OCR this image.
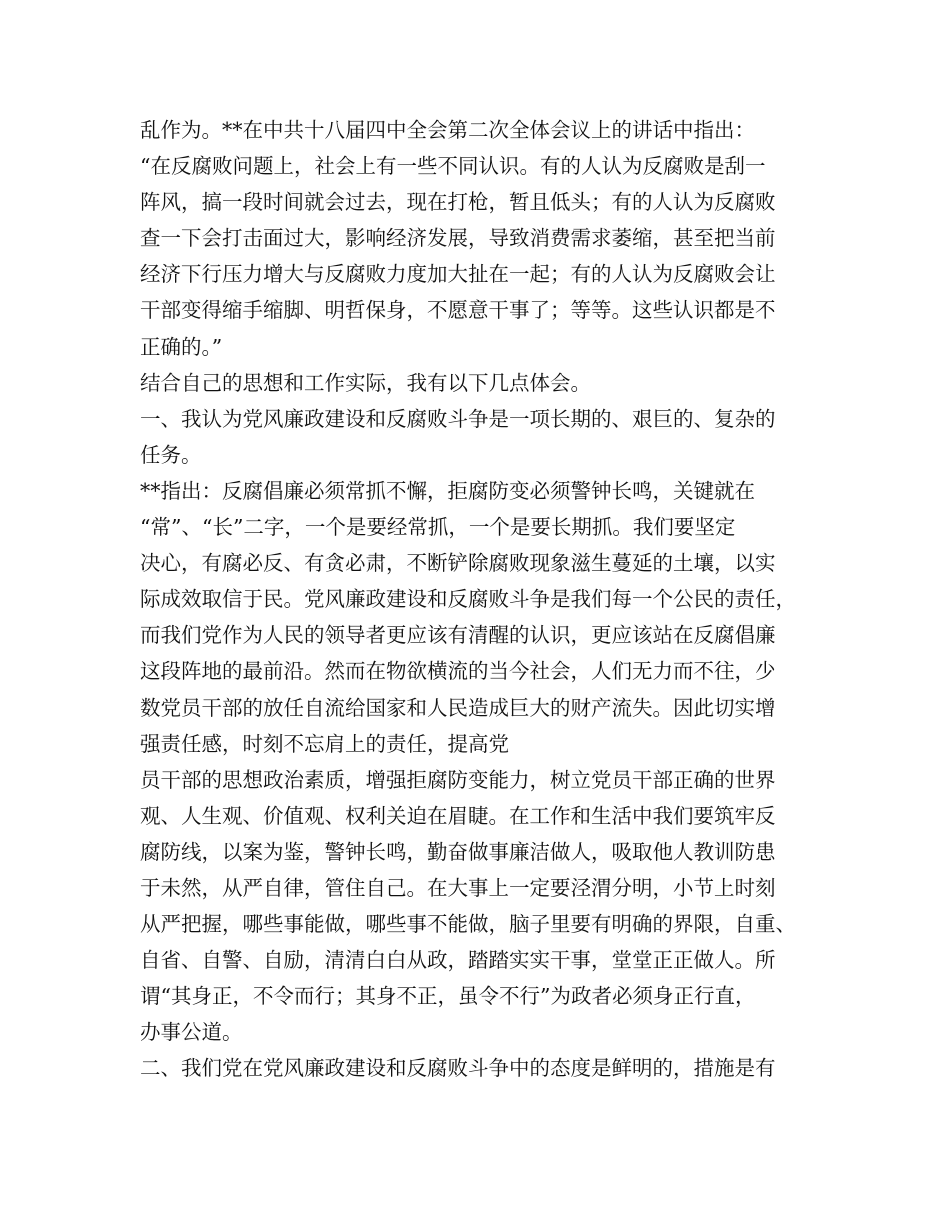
乱作为。**在中共十八届四中全会第二次全体会议上的讲话中指出：
“在反腐败问题上，社会上有一些不同认识。有的人认为反腐败是刮一
阵风，搞一段时间就会过去，现在打枪，暂且低头；有的人认为反腐败
查一下会打击面过大，影响经济发展，导致消费需求萎缩，甚至把当前
经济下行压力增大与反腐败力度加大扯在一起；有的人认为反腐败会让
干部变得缩手缩脚、明哲保身，不愿意干事了；等等。这些认识都是不
正确的。”
结合自己的思想和工作实际，我有以下几点体会。
一、我认为党风廉政建设和反腐败斗争是一项长期的、艰巨的、复杂的
任务。
**指出：反腐倡廉必须常抓不懈，拒腐防变必须警钟长鸣，关键就在
“常”、“长”二字，一个是要经常抓，一个是要长期抓。我们要坚定
决心，有腐必反、有贪必肃，不断铲除腐败现象滋生蔓延的土壤，以实
际成效取信于民。党风廉政建设和反腐败斗争是我们每一个公民的责任，
而我们党作为人民的领导者更应该有清醒的认识，更应该站在反腐倡廉
这段阵地的最前沿。然而在物欲横流的当今社会，人们无力而不往，少
数党员干部的放任自流给国家和人民造成巨大的财产流失。因此切实增
强责任感，时刻不忘肩上的责任，提高党
员干部的思想政治素质，增强拒腐防变能力，树立党员干部正确的世界
观、人生观、价值观、权利关迫在眉睫。在工作和生活中我们要筑牢反
腐防线，以案为鉴，警钟长鸣，勤奋做事廉洁做人，吸取他人教训防患
于未然，从严自律，管住自己。在大事上一定要泾渭分明，小节上时刻
从严把握，哪些事能做，哪些事不能做，脑子里要有明确的界限，自重、
自省、自警、自励，清清白白从政，踏踏实实干事，堂堂正正做人。所
谓“其身正，不令而行；其身不正，虽令不行”为政者必须身正行直，
办事公道。
二、我们党在党风廉政建设和反腐败斗争中的态度是鲜明的，措施是有
